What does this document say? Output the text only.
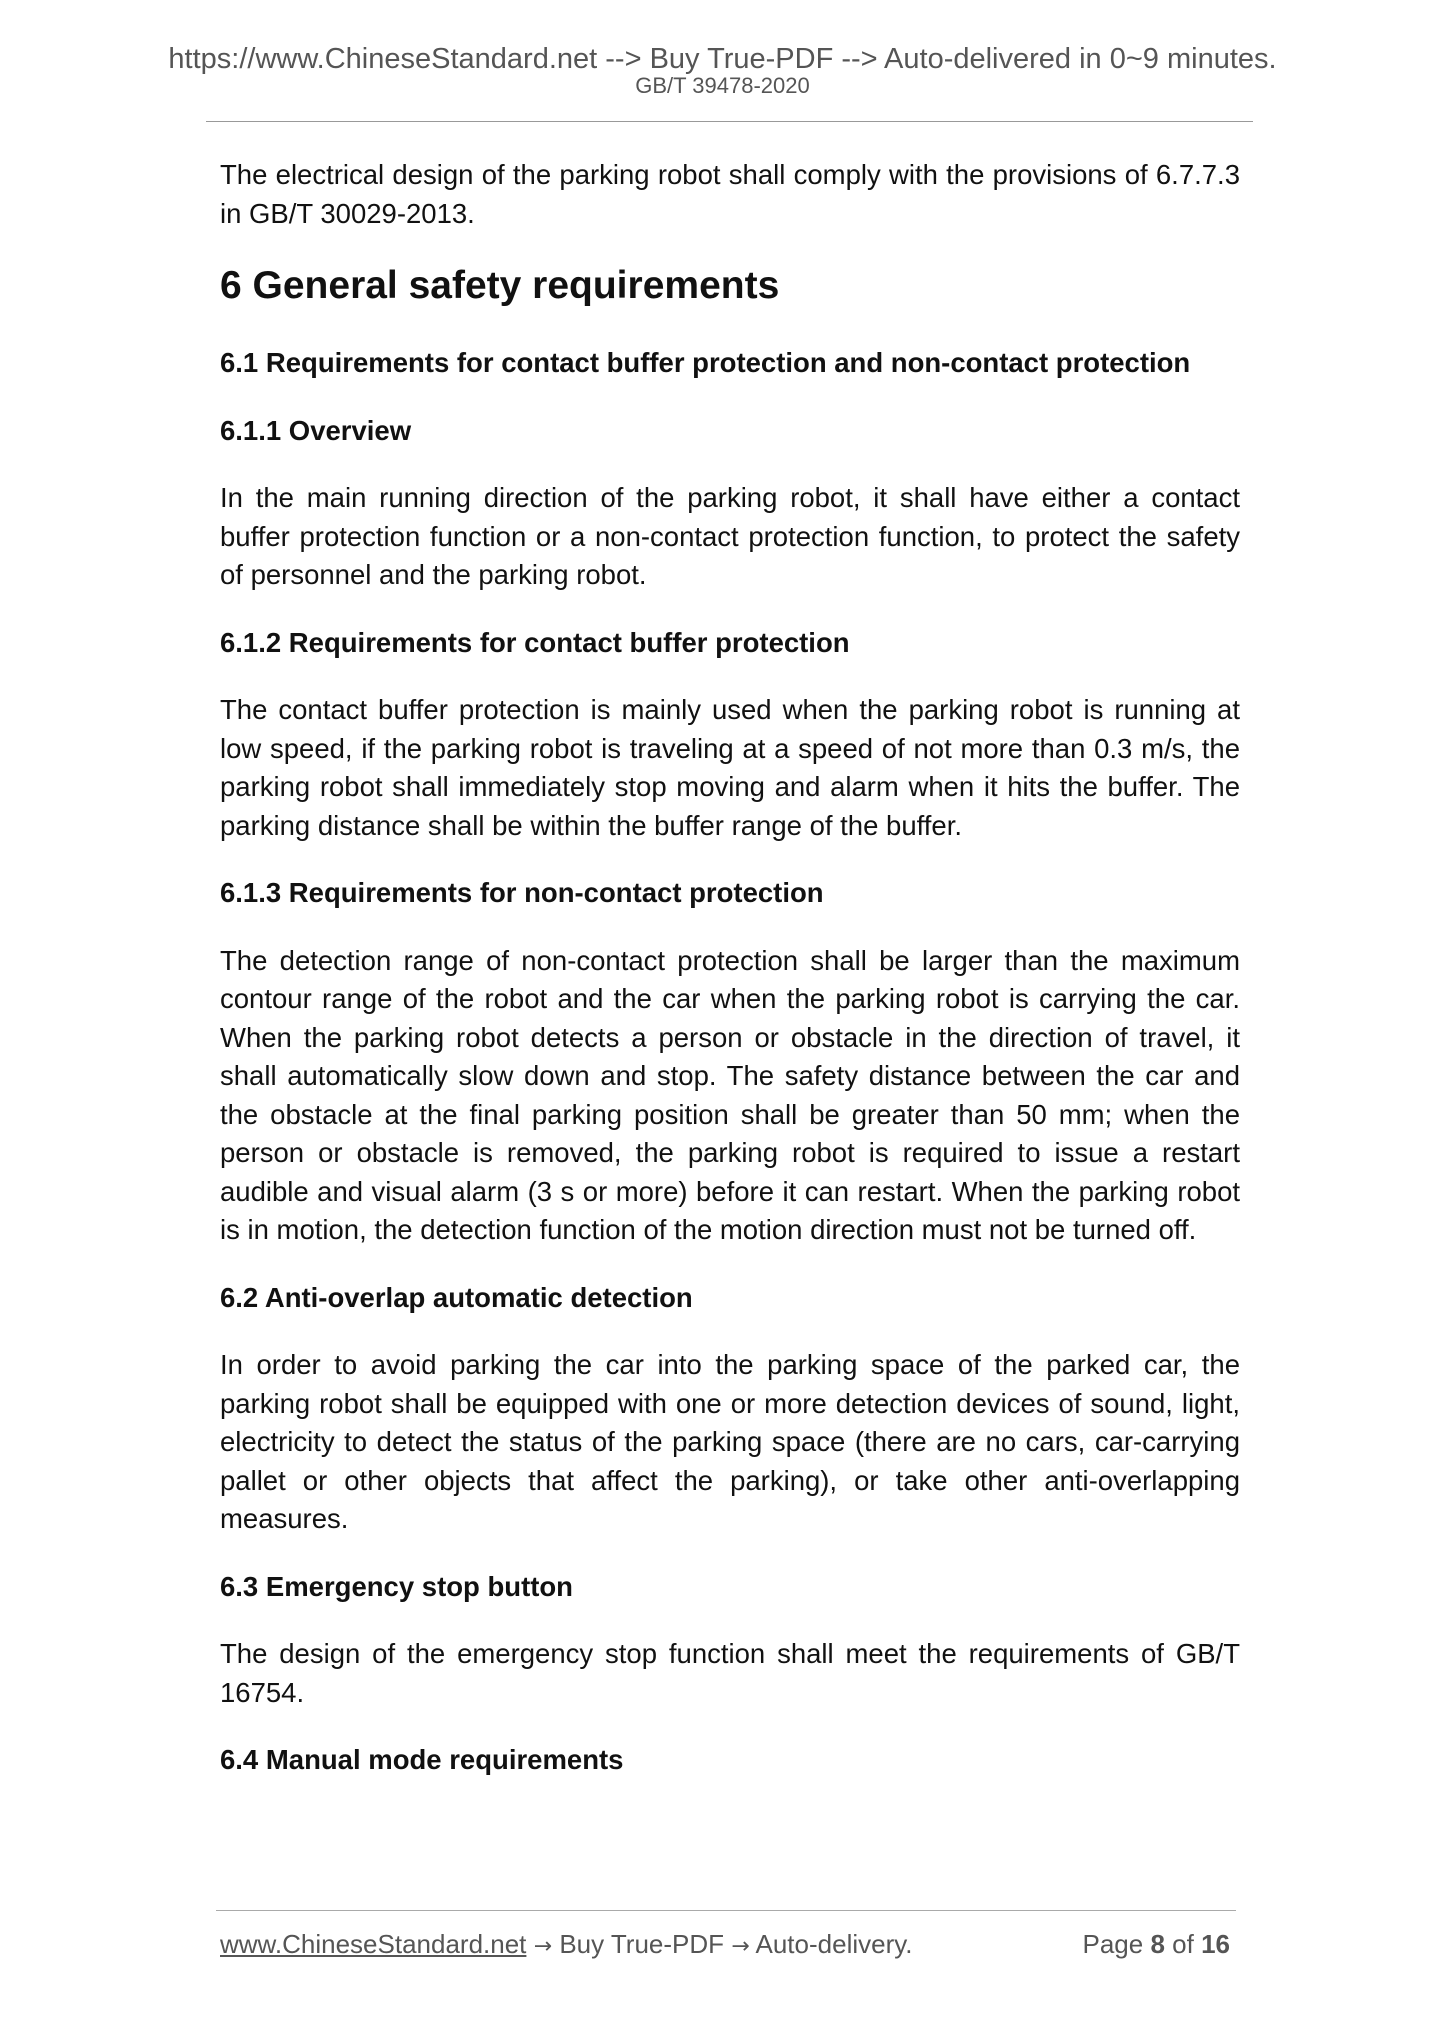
https://www.ChineseStandard.net --> Buy True-PDF --> Auto-delivered in 0~9 minutes.
GB/T 39478-2020

The electrical design of the parking robot shall comply with the provisions of 6.7.7.3 in GB/T 30029-2013.

6 General safety requirements
6.1 Requirements for contact buffer protection and non-contact protection
6.1.1 Overview

In the main running direction of the parking robot, it shall have either a contact buffer protection function or a non-contact protection function, to protect the safety of personnel and the parking robot.

6.1.2 Requirements for contact buffer protection

The contact buffer protection is mainly used when the parking robot is running at low speed, if the parking robot is traveling at a speed of not more than 0.3 m/s, the parking robot shall immediately stop moving and alarm when it hits the buffer. The parking distance shall be within the buffer range of the buffer.

6.1.3 Requirements for non-contact protection

The detection range of non-contact protection shall be larger than the maximum contour range of the robot and the car when the parking robot is carrying the car. When the parking robot detects a person or obstacle in the direction of travel, it shall automatically slow down and stop. The safety distance between the car and the obstacle at the final parking position shall be greater than 50 mm; when the person or obstacle is removed, the parking robot is required to issue a restart audible and visual alarm (3 s or more) before it can restart. When the parking robot is in motion, the detection function of the motion direction must not be turned off.

6.2 Anti-overlap automatic detection

In order to avoid parking the car into the parking space of the parked car, the parking robot shall be equipped with one or more detection devices of sound, light, electricity to detect the status of the parking space (there are no cars, car-carrying pallet or other objects that affect the parking), or take other anti-overlapping measures.

6.3 Emergency stop button

The design of the emergency stop function shall meet the requirements of GB/T 16754.

6.4 Manual mode requirements
www.ChineseStandard.net → Buy True-PDF → Auto-delivery.	Page 8 of 16
